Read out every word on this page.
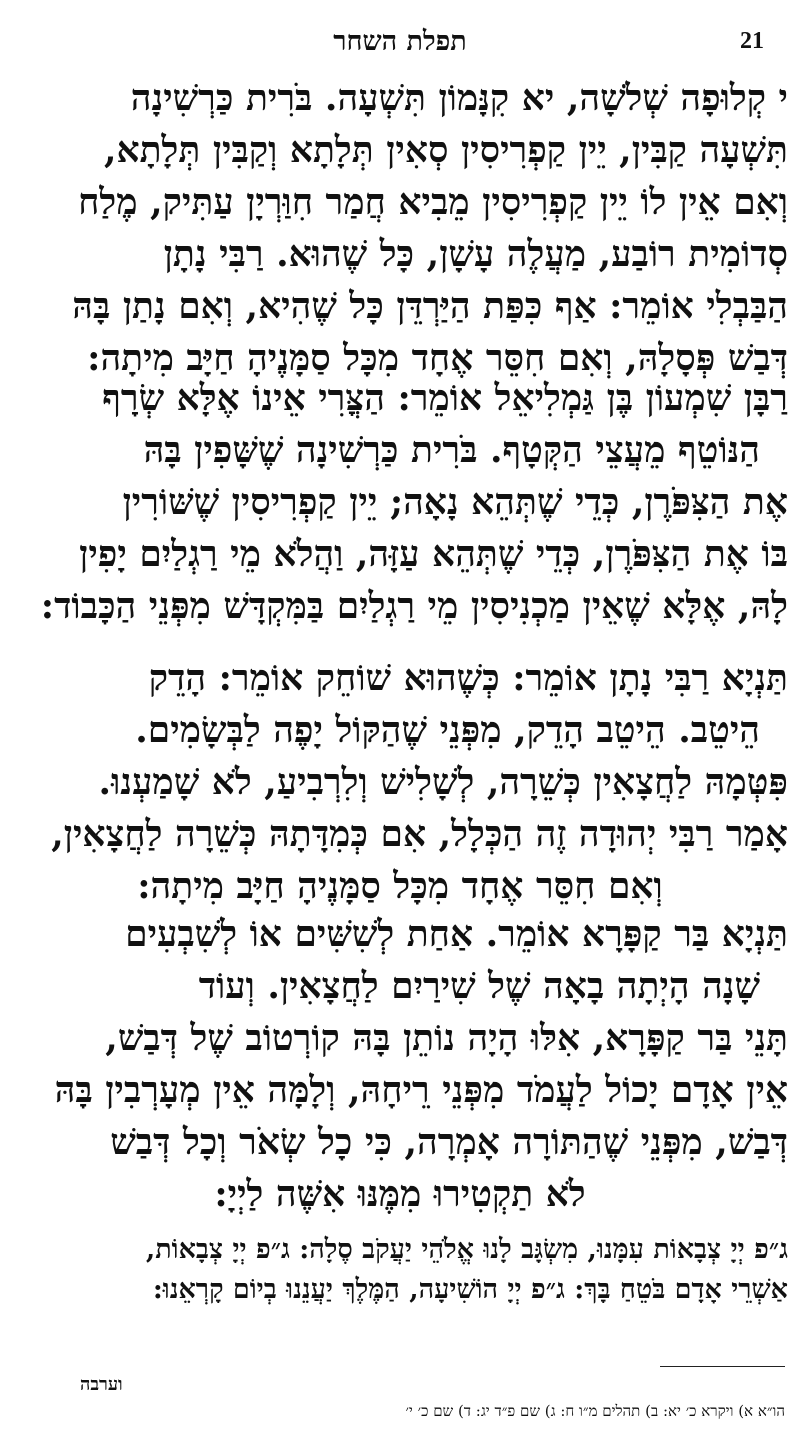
תפלת השחר	21
י קְלוּפָה שְׁלֹשָׁה, יא קִנָּמוֹן תִּשְׁעָה. בֹּרִית כַּרְשִׁינָה
תִּשְׁעָה קַבִּין, יֵין קַפְרִיסִין סְאִין תְּלָתָא וְקַבִּין תְּלָתָא,
וְאִם אֵין לוֹ יֵין קַפְרִיסִין מֵבִיא חֲמַר חִוַּרְיָן עַתִּיק, מֶלַח
סְדוֹמִית רוֹבַע, מַעֲלֶה עָשָׁן, כָּל שֶׁהוּא. רַבִּי נָתָן
הַבַּבְלִי אוֹמֵר: אַף כִּפַּת הַיַּרְדֵּן כָּל שֶׁהִיא, וְאִם נָתַן בָּהּ
דְּבַשׁ פְּסָלָהּ, וְאִם חִסֵּר אֶחָד מִכָּל סַמָּנֶיהָ חַיָּב מִיתָה:
רַבָּן שִׁמְעוֹן בֶּן גַּמְלִיאֵל אוֹמֵר: הַצֳּרִי אֵינוֹ אֶלָּא שְׂרָף
הַנּוֹטֵף מֵעֲצֵי הַקְּטָף. בֹּרִית כַּרְשִׁינָה שֶׁשָּׁפִין בָּהּ
אֶת הַצִּפֹּרֶן, כְּדֵי שֶׁתְּהֵא נָאָה; יֵין קַפְרִיסִין שֶׁשּׁוֹרִין
בּוֹ אֶת הַצִּפֹּרֶן, כְּדֵי שֶׁתְּהֵא עַזָּה, וַהֲלֹא מֵי רַגְלַיִם יָפִין
לָהּ, אֶלָּא שֶׁאֵין מַכְנִיסִין מֵי רַגְלַיִם בַּמִּקְדָּשׁ מִפְּנֵי הַכָּבוֹד:
תַּנְיָא רַבִּי נָתָן אוֹמֵר: כְּשֶׁהוּא שׁוֹחֵק אוֹמֵר: הָדֵק
הֵיטֵב. הֵיטֵב הָדֵק, מִפְּנֵי שֶׁהַקּוֹל יָפֶה לַבְּשָׂמִים.
פִּטְּמָהּ לַחֲצָאִין כְּשֵׁרָה, לְשָׁלִישׁ וְלִרְבִיעַ, לֹא שָׁמַעְנוּ.
אָמַר רַבִּי יְהוּדָה זֶה הַכְּלָל, אִם כְּמִדָּתָהּ כְּשֵׁרָה לַחֲצָאִין,
וְאִם חִסֵּר אֶחָד מִכָּל סַמָּנֶיהָ חַיָּב מִיתָה:
תַּנְיָא בַּר קַפָּרָא אוֹמֵר. אַחַת לְשִׁשִּׁים אוֹ לְשִׁבְעִים
שָׁנָה הָיְתָה בָאָה שֶׁל שִׁירַיִם לַחֲצָאִין. וְעוֹד
תָּנֵי בַּר קַפָּרָא, אִלּוּ הָיָה נוֹתֵן בָּהּ קוֹרְטוֹב שֶׁל דְּבַשׁ,
אֵין אָדָם יָכוֹל לַעֲמֹד מִפְּנֵי רֵיחָהּ, וְלָמָּה אֵין מְעָרְבִין בָּהּ
דְּבַשׁ, מִפְּנֵי שֶׁהַתּוֹרָה אָמְרָה, כִּי כָל שְׂאֹר וְכָל דְּבַשׁ
לֹא תַקְטִירוּ מִמֶּנּוּ אִשֶּׁה לַיְיָ:
ג״פ יְיָ צְבָאוֹת עִמָּנוּ, מִשְׂגָּב לָנוּ אֱלֹהֵי יַעֲקֹב סֶלָה: ג״פ יְיָ צְבָאוֹת,
אַשְׁרֵי אָדָם בֹּטֵחַ בָּךְ: ג״פ יְיָ הוֹשִׁיעָה, הַמֶּלֶךְ יַעֲנֵנוּ בְיוֹם קָרְאֵנוּ:
וערבה
הו״א א) ויקרא כ׳ יא: ב) תהלים מ״ו ח: ג) שם פ״ד יג: ד) שם כ׳ י׳
